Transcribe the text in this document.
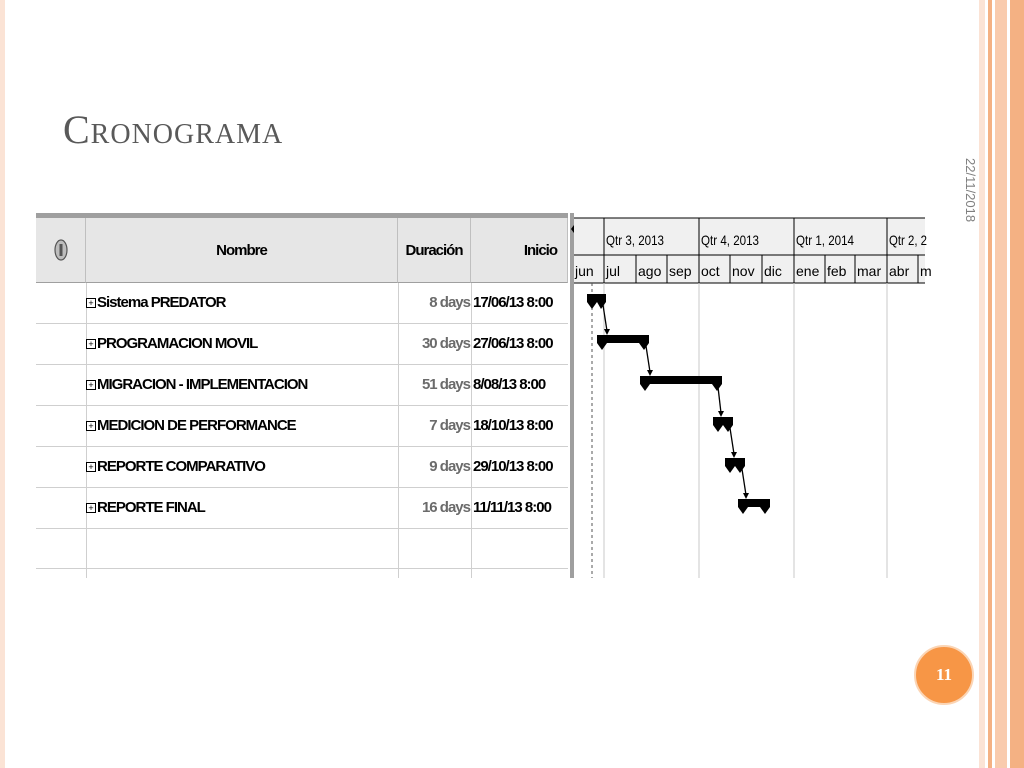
Cronograma
22/11/2018
Nombre	Duración	Inicio
+ Sistema PREDATOR	8 days 17/06/13 8:00
+ PROGRAMACION MOVIL	30 days 27/06/13 8:00
+ MIGRACION - IMPLEMENTACION	51 days 8/08/13 8:00
+ MEDICION DE PERFORMANCE	7 days 18/10/13 8:00
+ REPORTE COMPARATIVO	9 days 29/10/13 8:00
+ REPORTE FINAL	16 days 11/11/13 8:00
Qtr 3, 2013	Qtr 4, 2013	Qtr 1, 2014 Qtr 2, 2
jun jul ago sep oct nov dic ene feb mar abr m
11
